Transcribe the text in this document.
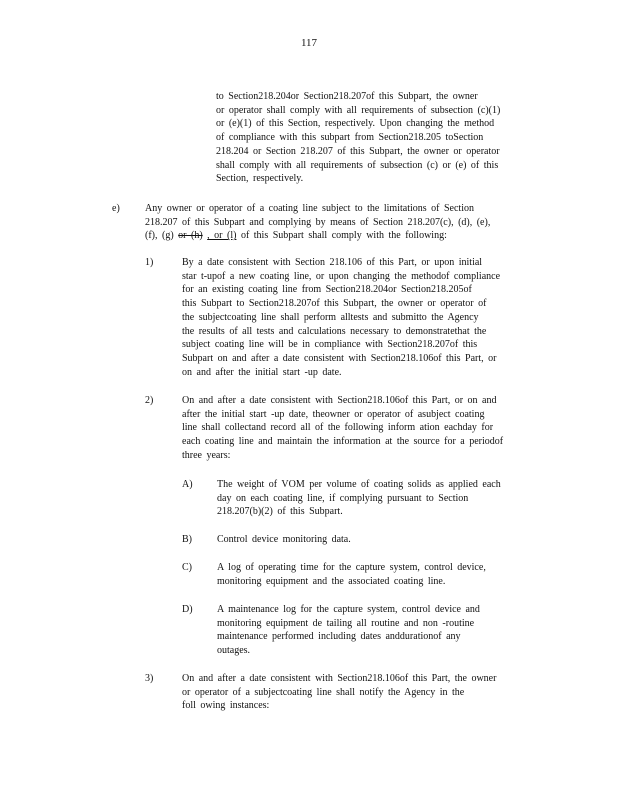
117
to Section218.204or Section218.207of this Subpart, the owner
or operator shall comply with all requirements of subsection (c)(1)
or (e)(1) of this Section, respectively. Upon changing the method
of compliance with this subpart from Section218.205 toSection
218.204 or Section 218.207 of this Subpart, the owner or operator
shall comply with all requirements of subsection (c) or (e) of this
Section, respectively.
e)	Any owner or operator of a coating line subject to the limitations of Section
218.207 of this Subpart and complying by means of Section 218.207(c), (d), (e),
(f), (g) or (h) , or (l) of this Subpart shall comply with the following:
1)	By a date consistent with Section 218.106 of this Part, or upon initial
star t-upof a new coating line, or upon changing the methodof compliance
for an existing coating line from Section218.204or Section218.205of
this Subpart to Section218.207of this Subpart, the owner or operator of
the subjectcoating line shall perform alltests and submitto the Agency
the results of all tests and calculations necessary to demonstratethat the
subject coating line will be in compliance with Section218.207of this
Subpart on and after a date consistent with Section218.106of this Part, or
on and after the initial start -up date.
2)	On and after a date consistent with Section218.106of this Part, or on and
after the initial start -up date, theowner or operator of asubject coating
line shall collectand record all of the following inform ation eachday for
each coating line and maintain the information at the source for a periodof
three years:
A) The weight of VOM per volume of coating solids as applied each
day on each coating line, if complying pursuant to Section
218.207(b)(2) of this Subpart.
B)	Control device monitoring data.
C)	A log of operating time for the capture system, control device,
monitoring equipment and the associated coating line.
D) A maintenance log for the capture system, control device and
monitoring equipment de tailing all routine and non -routine
maintenance performed including dates anddurationof any
outages.
3)	On and after a date consistent with Section218.106of this Part, the owner
or operator of a subjectcoating line shall notify the Agency in the
foll owing instances:
